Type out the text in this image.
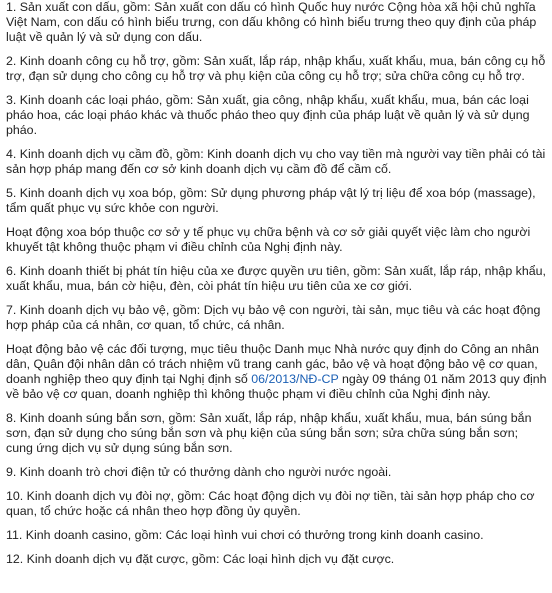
1. Sản xuất con dấu, gồm: Sản xuất con dấu có hình Quốc huy nước Cộng hòa xã hội chủ nghĩa Việt Nam, con dấu có hình biểu trưng, con dấu không có hình biểu trưng theo quy định của pháp luật về quản lý và sử dụng con dấu.

2. Kinh doanh công cụ hỗ trợ, gồm: Sản xuất, lắp ráp, nhập khẩu, xuất khẩu, mua, bán công cụ hỗ trợ, đạn sử dụng cho công cụ hỗ trợ và phụ kiện của công cụ hỗ trợ; sửa chữa công cụ hỗ trợ.

3. Kinh doanh các loại pháo, gồm: Sản xuất, gia công, nhập khẩu, xuất khẩu, mua, bán các loại pháo hoa, các loại pháo khác và thuốc pháo theo quy định của pháp luật về quản lý và sử dụng pháo.

4. Kinh doanh dịch vụ cầm đồ, gồm: Kinh doanh dịch vụ cho vay tiền mà người vay tiền phải có tài sản hợp pháp mang đến cơ sở kinh doanh dịch vụ cầm đồ để cầm cố.

5. Kinh doanh dịch vụ xoa bóp, gồm: Sử dụng phương pháp vật lý trị liệu để xoa bóp (massage), tẩm quất phục vụ sức khỏe con người.

Hoạt động xoa bóp thuộc cơ sở y tế phục vụ chữa bệnh và cơ sở giải quyết việc làm cho người khuyết tật không thuộc phạm vi điều chỉnh của Nghị định này.

6. Kinh doanh thiết bị phát tín hiệu của xe được quyền ưu tiên, gồm: Sản xuất, lắp ráp, nhập khẩu, xuất khẩu, mua, bán cờ hiệu, đèn, còi phát tín hiệu ưu tiên của xe cơ giới.

7. Kinh doanh dịch vụ bảo vệ, gồm: Dịch vụ bảo vệ con người, tài sản, mục tiêu và các hoạt động hợp pháp của cá nhân, cơ quan, tổ chức, cá nhân.

Hoạt động bảo vệ các đối tượng, mục tiêu thuộc Danh mục Nhà nước quy định do Công an nhân dân, Quân đội nhân dân có trách nhiệm vũ trang canh gác, bảo vệ và hoạt động bảo vệ cơ quan, doanh nghiệp theo quy định tại Nghị định số 06/2013/NĐ-CP ngày 09 tháng 01 năm 2013 quy định về bảo vệ cơ quan, doanh nghiệp thì không thuộc phạm vi điều chỉnh của Nghị định này.

8. Kinh doanh súng bắn sơn, gồm: Sản xuất, lắp ráp, nhập khẩu, xuất khẩu, mua, bán súng bắn sơn, đạn sử dụng cho súng bắn sơn và phụ kiện của súng bắn sơn; sửa chữa súng bắn sơn; cung ứng dịch vụ sử dụng súng bắn sơn.

9. Kinh doanh trò chơi điện tử có thưởng dành cho người nước ngoài.

10. Kinh doanh dịch vụ đòi nợ, gồm: Các hoạt động dịch vụ đòi nợ tiền, tài sản hợp pháp cho cơ quan, tổ chức hoặc cá nhân theo hợp đồng ủy quyền.

11. Kinh doanh casino, gồm: Các loại hình vui chơi có thưởng trong kinh doanh casino.

12. Kinh doanh dịch vụ đặt cược, gồm: Các loại hình dịch vụ đặt cược.
